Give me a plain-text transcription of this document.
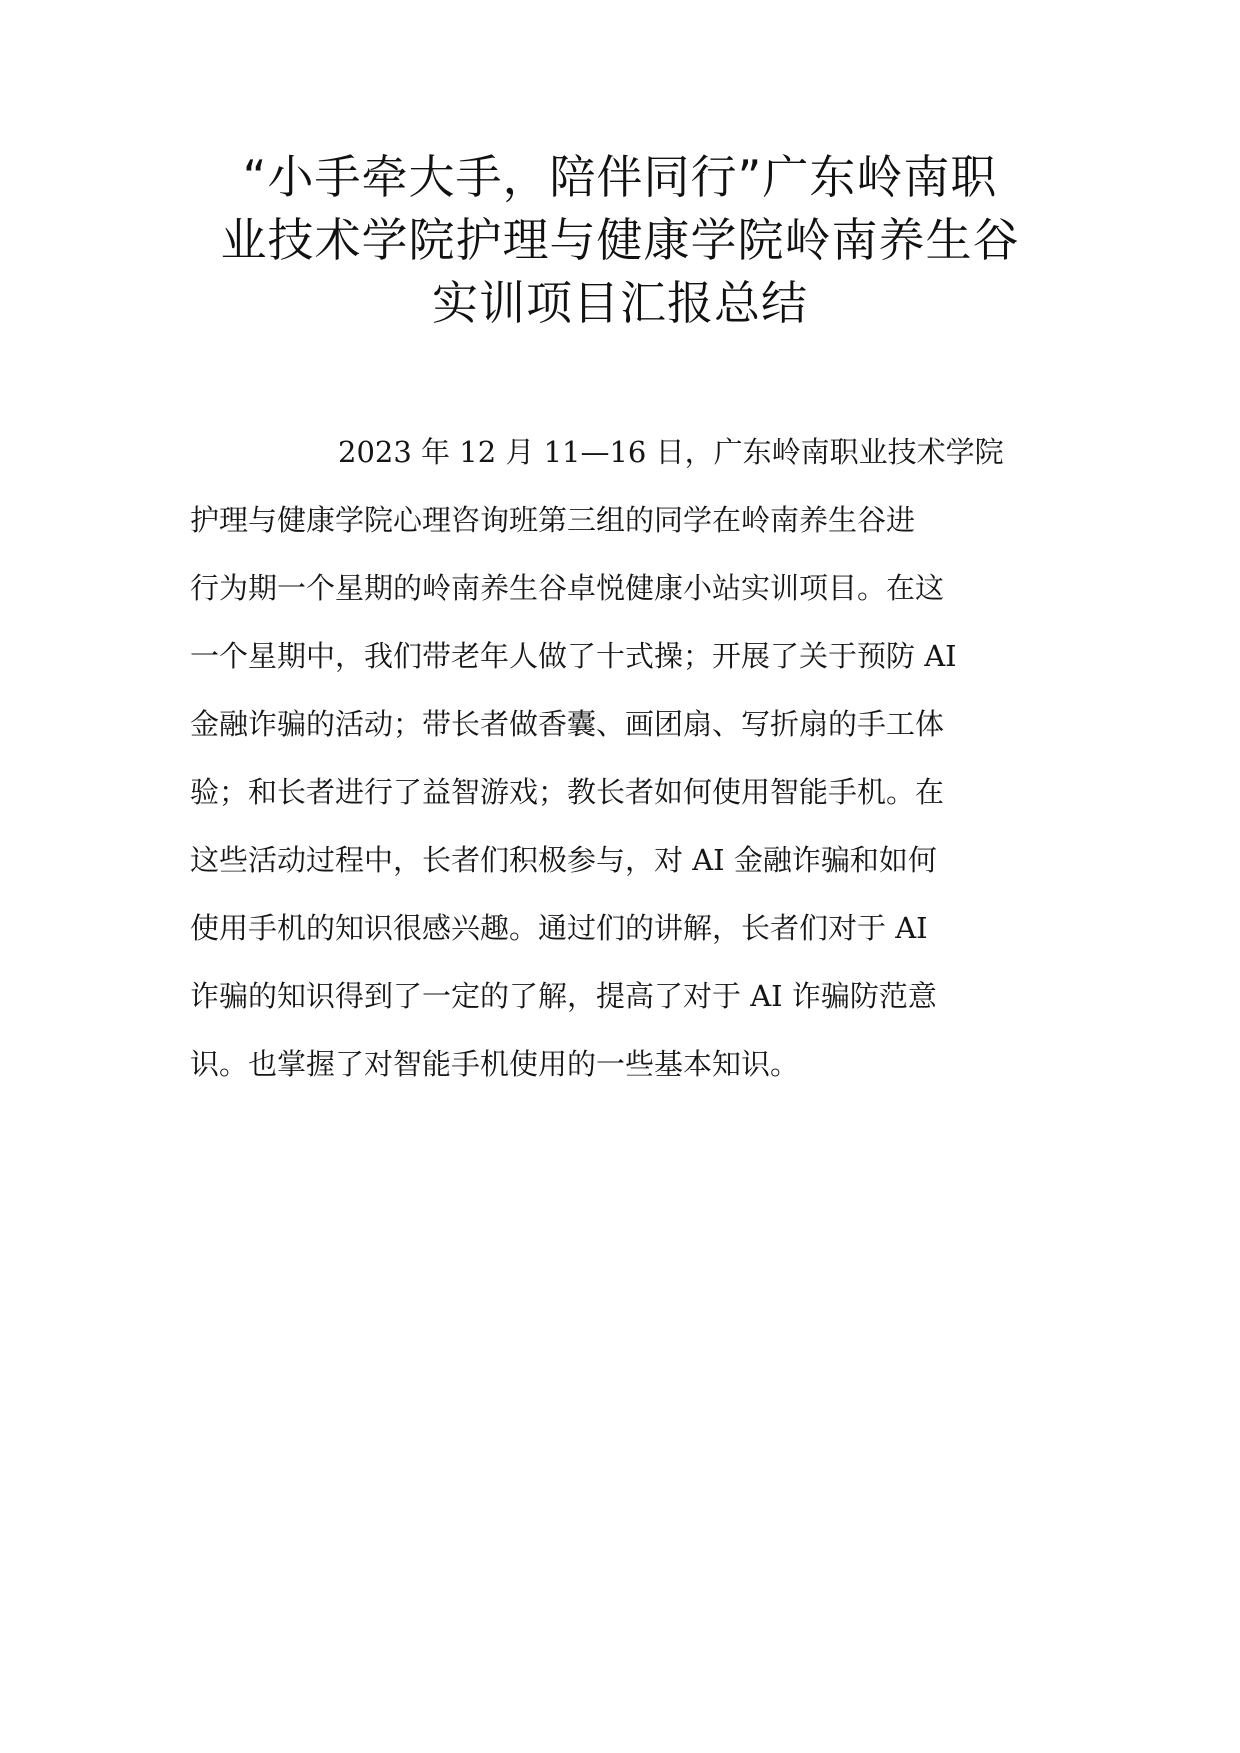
“小手牵大手，陪伴同行”广东岭南职
业技术学院护理与健康学院岭南养生谷
实训项目汇报总结

2023 年 12 月 11—16 日，广东岭南职业技术学院
护理与健康学院心理咨询班第三组的同学在岭南养生谷进
行为期一个星期的岭南养生谷卓悦健康小站实训项目。在这
一个星期中，我们带老年人做了十式操；开展了关于预防 AI
金融诈骗的活动；带长者做香囊、画团扇、写折扇的手工体
验；和长者进行了益智游戏；教长者如何使用智能手机。在
这些活动过程中，长者们积极参与，对 AI 金融诈骗和如何
使用手机的知识很感兴趣。通过们的讲解，长者们对于 AI
诈骗的知识得到了一定的了解，提高了对于 AI 诈骗防范意
识。也掌握了对智能手机使用的一些基本知识。
